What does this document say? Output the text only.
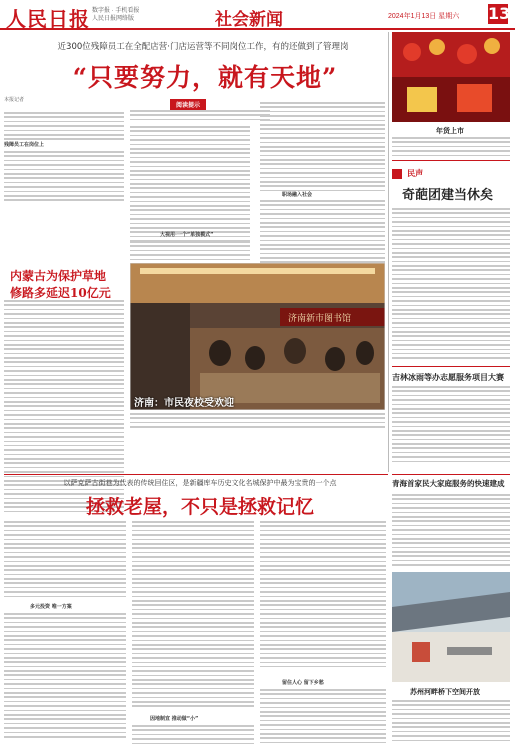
人民日报 数字报 · 手机看报
人民日报网络版	社会新闻	2024年1月13日 星期六 13
近300位残障员工在全配店营·门店运营等不同岗位工作，有的还做到了管理岗
“只要努力，就有天地”
本报记者
阅读提示
残障员工在岗位上
大视用·一个“单独模式”
职场融入社会
内蒙古为保护草地
修路多延迟10亿元
济南新市图书馆
济南：市民夜校受欢迎
年货上市
民声
奇葩团建当休矣
吉林冰雨等办志愿服务项目大赛
以萨克萨古街巷为代表的传统回住区，是新疆库车历史文化名城保护中最为宝贵的一个点
拯救老屋，不只是拯救记忆
多元投资 唯一方案
因地制宜 推动做“小”
留住人心 留下乡愁
青海首家民大家庭服务的快速建成
苏州河畔桥下空间开放
